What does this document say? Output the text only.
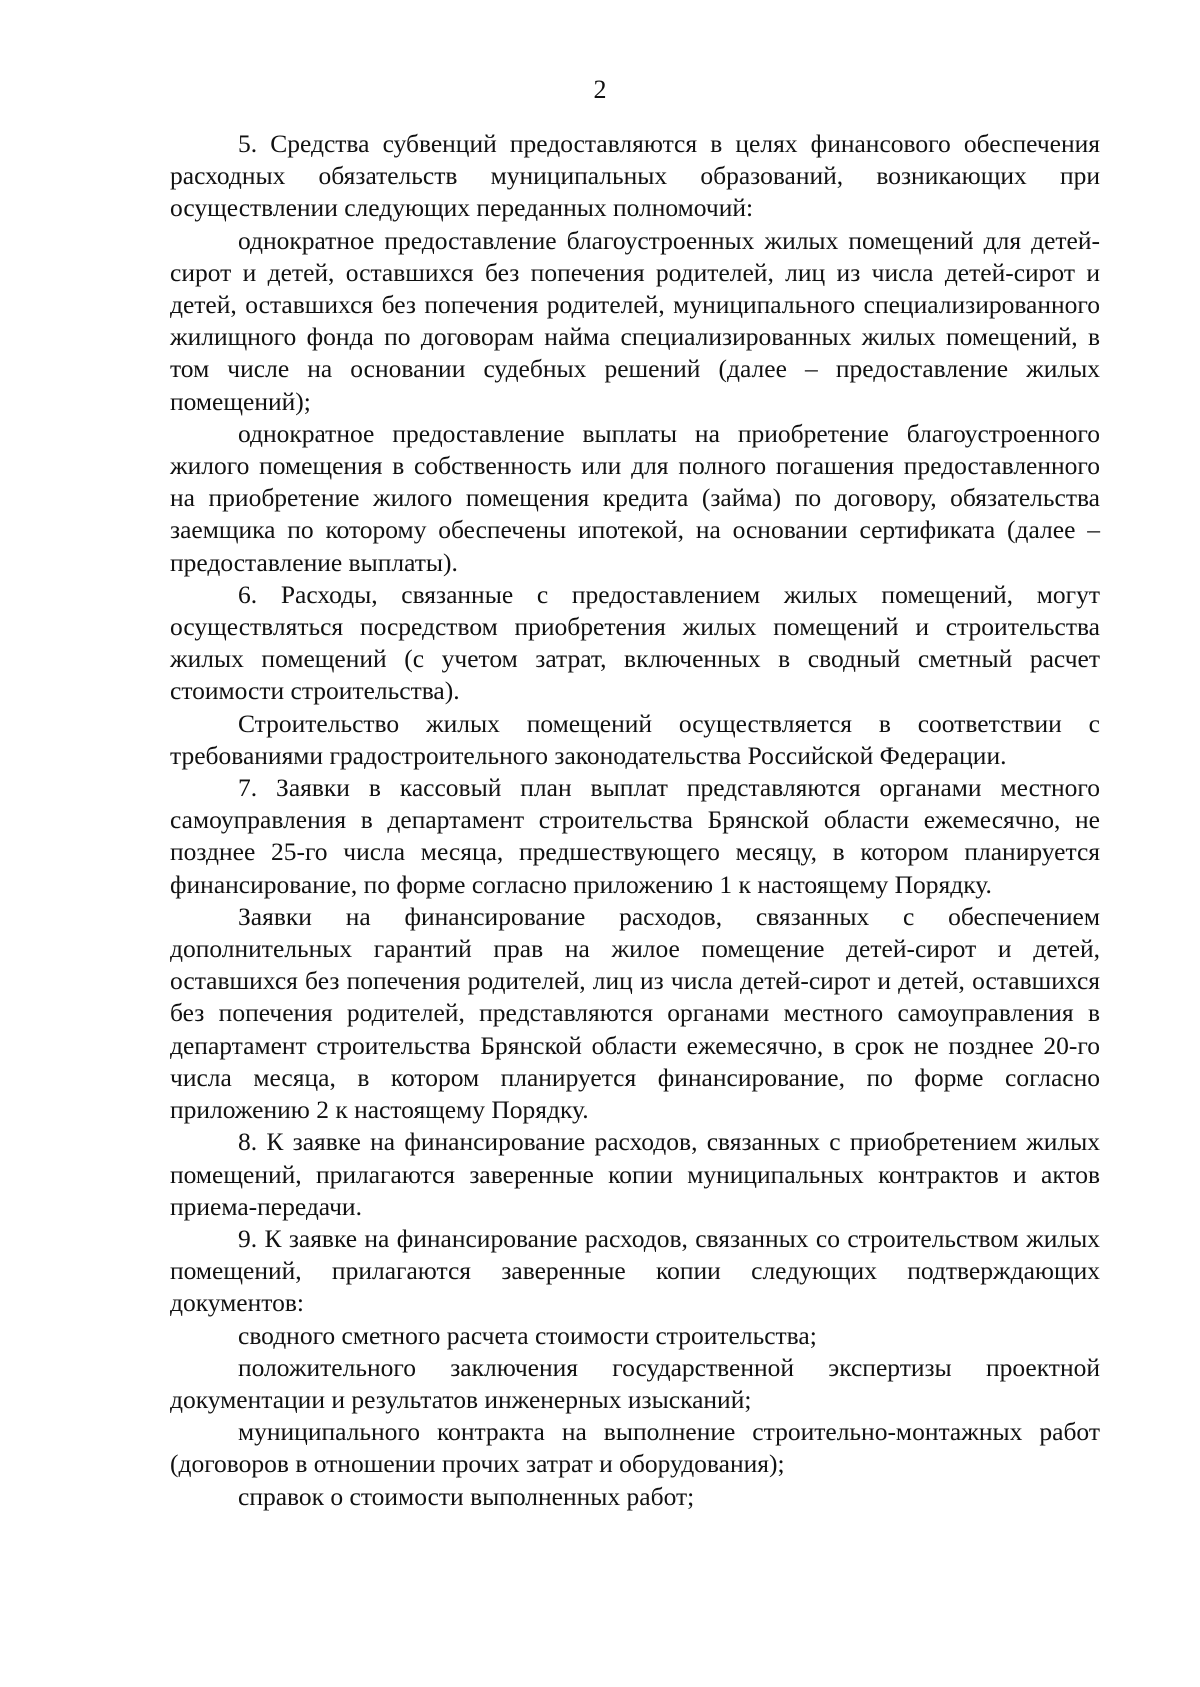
2

5. Средства субвенций предоставляются в целях финансового обеспечения расходных обязательств муниципальных образований, возникающих при осуществлении следующих переданных полномочий:

однократное предоставление благоустроенных жилых помещений для детей-сирот и детей, оставшихся без попечения родителей, лиц из числа детей-сирот и детей, оставшихся без попечения родителей, муниципального специализированного жилищного фонда по договорам найма специализированных жилых помещений, в том числе на основании судебных решений (далее – предоставление жилых помещений);

однократное предоставление выплаты на приобретение благоустроенного жилого помещения в собственность или для полного погашения предоставленного на приобретение жилого помещения кредита (займа) по договору, обязательства заемщика по которому обеспечены ипотекой, на основании сертификата (далее – предоставление выплаты).

6. Расходы, связанные с предоставлением жилых помещений, могут осуществляться посредством приобретения жилых помещений и строительства жилых помещений (с учетом затрат, включенных в сводный сметный расчет стоимости строительства).

Строительство жилых помещений осуществляется в соответствии с требованиями градостроительного законодательства Российской Федерации.

7. Заявки в кассовый план выплат представляются органами местного самоуправления в департамент строительства Брянской области ежемесячно, не позднее 25-го числа месяца, предшествующего месяцу, в котором планируется финансирование, по форме согласно приложению 1 к настоящему Порядку.

Заявки на финансирование расходов, связанных с обеспечением дополнительных гарантий прав на жилое помещение детей-сирот и детей, оставшихся без попечения родителей, лиц из числа детей-сирот и детей, оставшихся без попечения родителей, представляются органами местного самоуправления в департамент строительства Брянской области ежемесячно, в срок не позднее 20-го числа месяца, в котором планируется финансирование, по форме согласно приложению 2 к настоящему Порядку.

8. К заявке на финансирование расходов, связанных с приобретением жилых помещений, прилагаются заверенные копии муниципальных контрактов и актов приема-передачи.

9. К заявке на финансирование расходов, связанных со строительством жилых помещений, прилагаются заверенные копии следующих подтверждающих документов:

сводного сметного расчета стоимости строительства;

положительного заключения государственной экспертизы проектной документации и результатов инженерных изысканий;

муниципального контракта на выполнение строительно-монтажных работ (договоров в отношении прочих затрат и оборудования);

справок о стоимости выполненных работ;
